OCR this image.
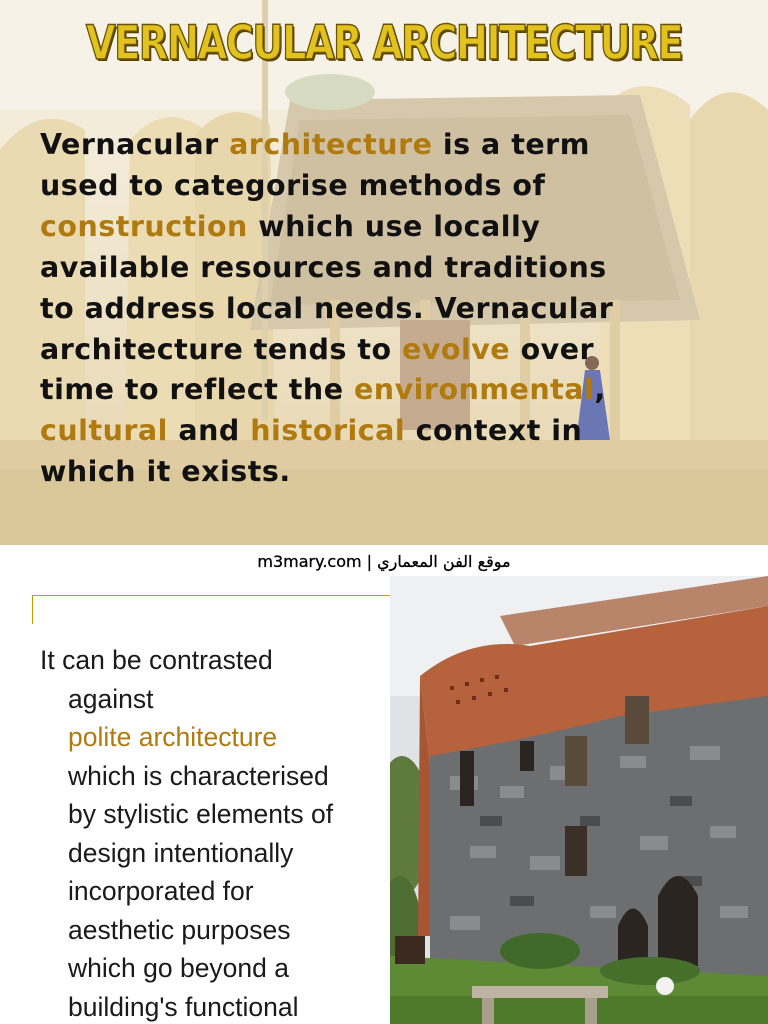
VERNACULAR ARCHITECTURE

Vernacular architecture is a term used to categorise methods of construction which use locally available resources and traditions to address local needs. Vernacular architecture tends to evolve over time to reflect the environmental, cultural and historical context in which it exists.

m3mary.com | موقع الفن المعماري
It can be contrasted
against
polite architecture
which is characterised
by stylistic elements of
design intentionally
incorporated for
aesthetic purposes
which go beyond a
building's functional
